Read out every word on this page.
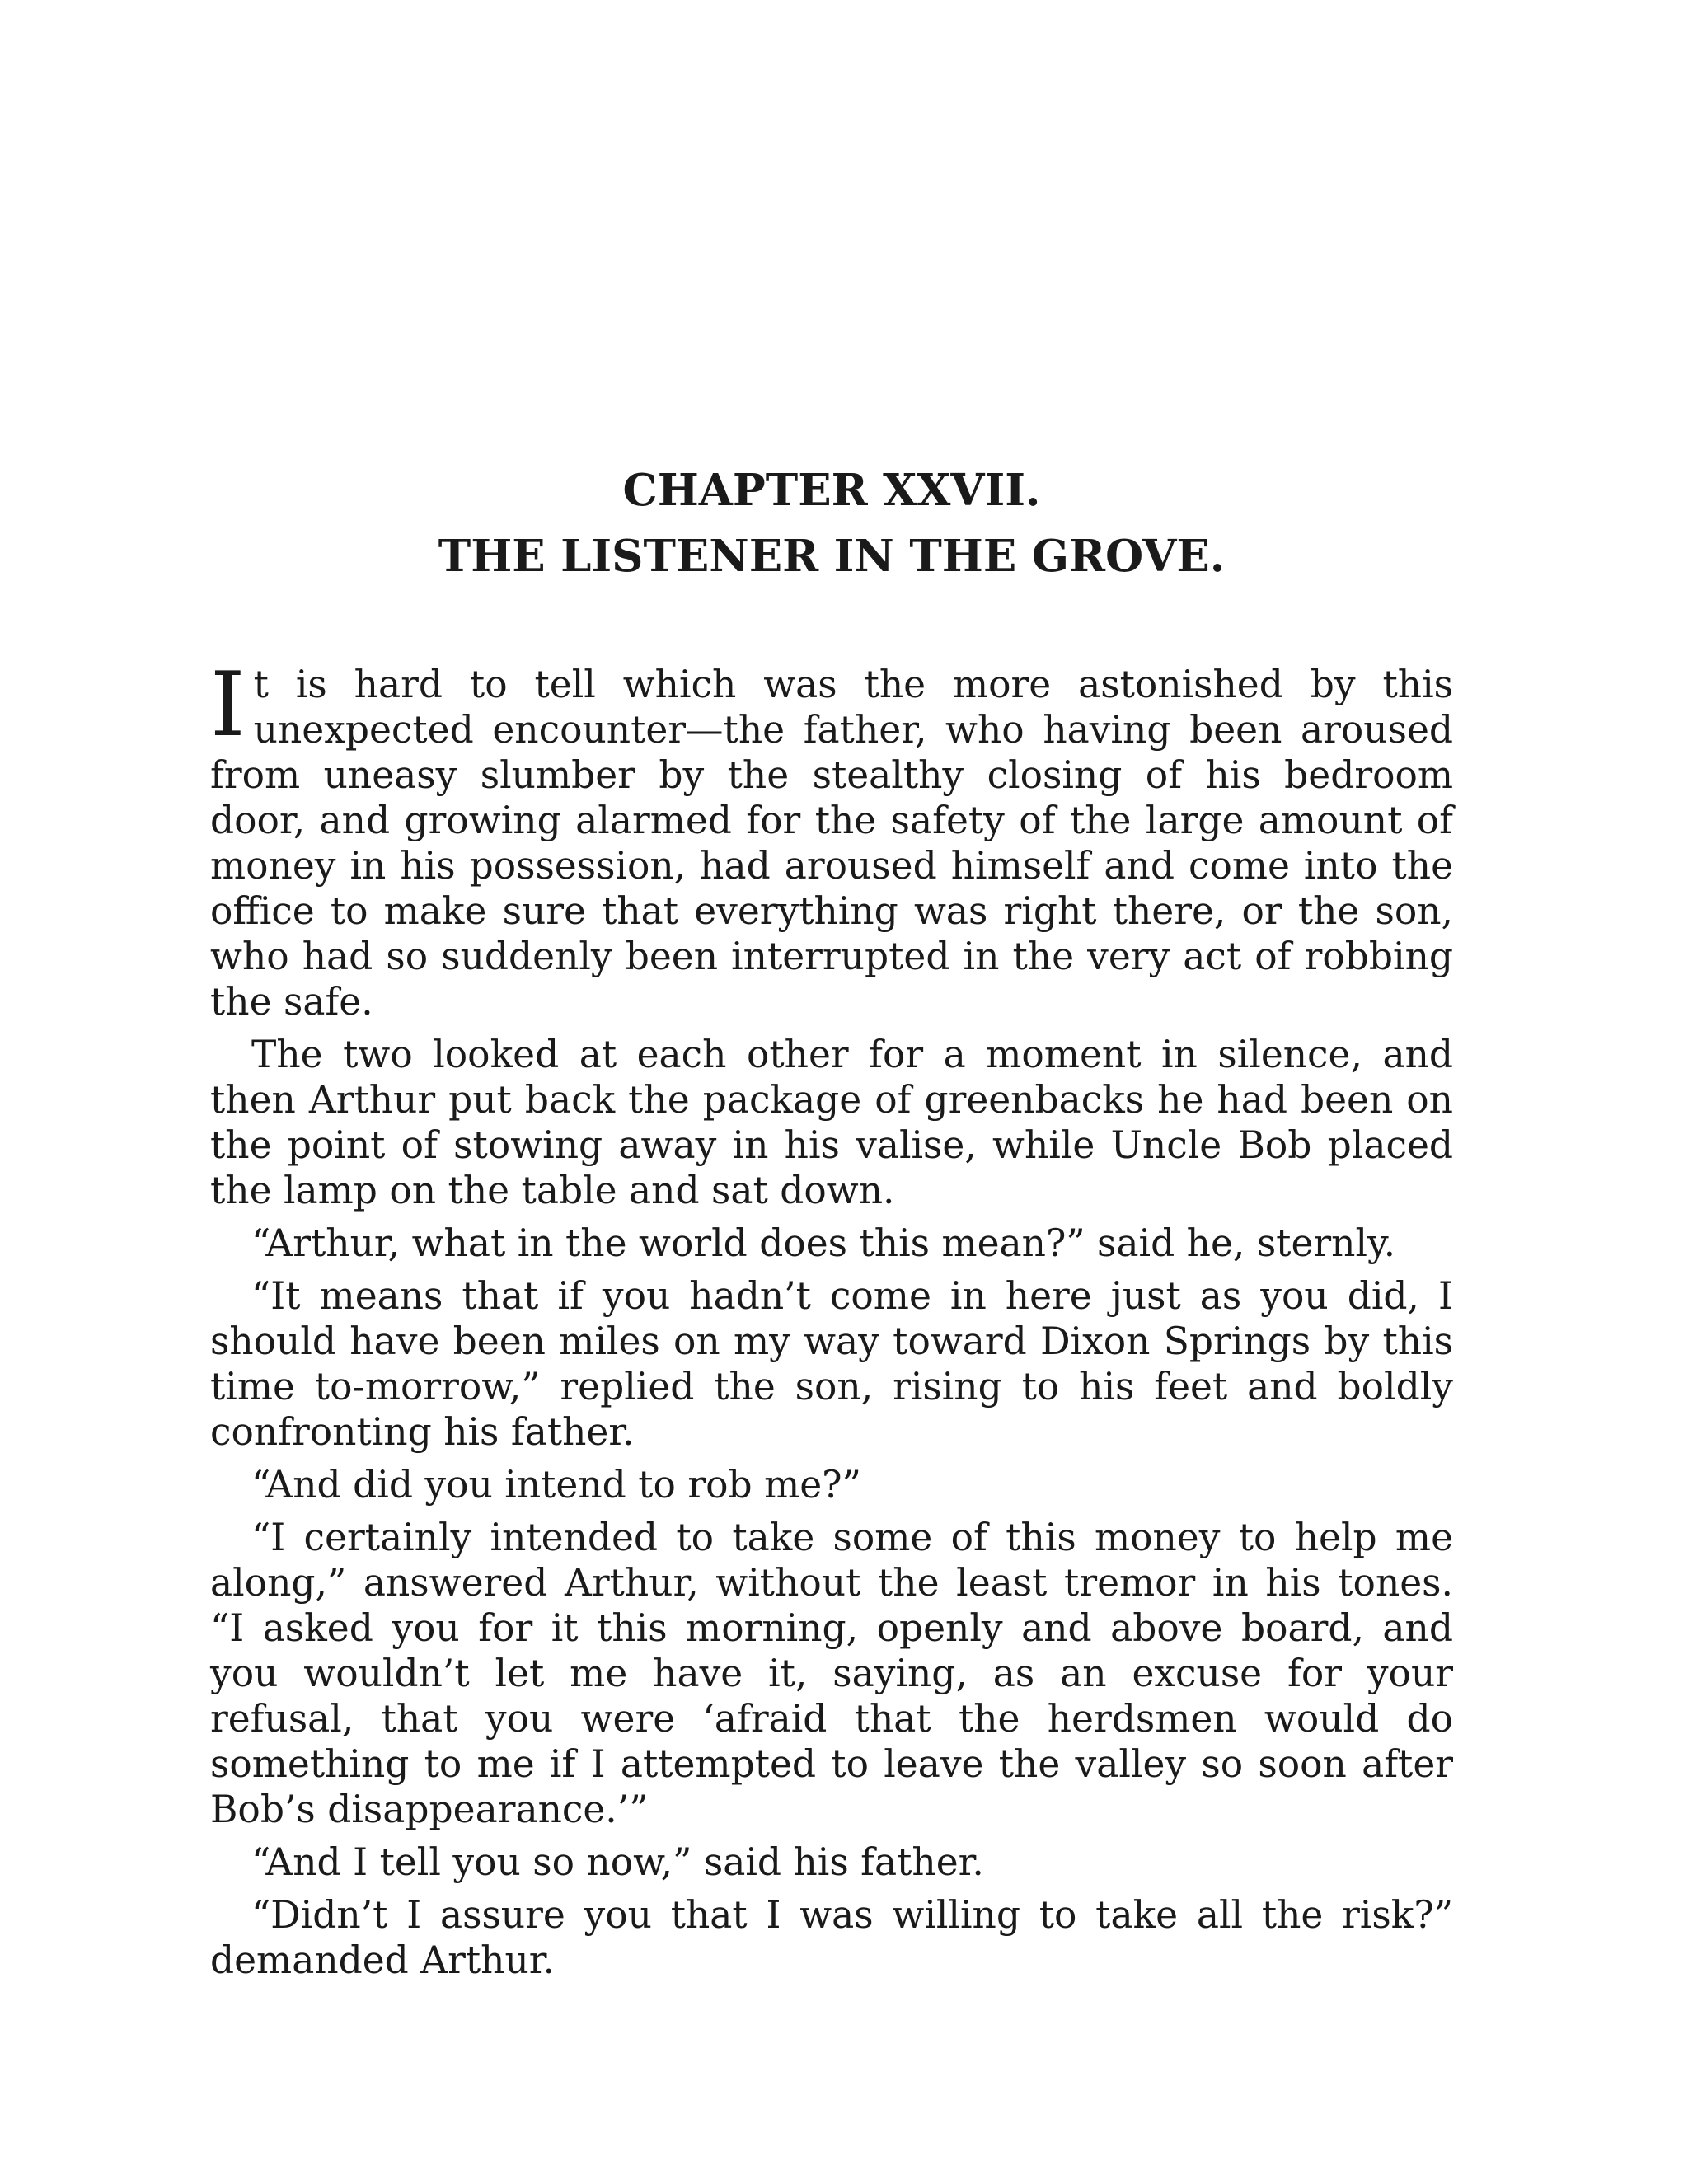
CHAPTER XXVII.
THE LISTENER IN THE GROVE.

It is hard to tell which was the more astonished by this unexpected encounter—the father, who having been aroused from uneasy slumber by the stealthy closing of his bedroom door, and growing alarmed for the safety of the large amount of money in his possession, had aroused himself and come into the office to make sure that everything was right there, or the son, who had so suddenly been interrupted in the very act of robbing the safe.

The two looked at each other for a moment in silence, and then Arthur put back the package of greenbacks he had been on the point of stowing away in his valise, while Uncle Bob placed the lamp on the table and sat down.

“Arthur, what in the world does this mean?” said he, sternly.

“It means that if you hadn’t come in here just as you did, I should have been miles on my way toward Dixon Springs by this time to-morrow,” replied the son, rising to his feet and boldly confronting his father.

“And did you intend to rob me?”

“I certainly intended to take some of this money to help me along,” answered Arthur, without the least tremor in his tones. “I asked you for it this morning, openly and above board, and you wouldn’t let me have it, saying, as an excuse for your refusal, that you were ‘afraid that the herdsmen would do something to me if I attempted to leave the valley so soon after Bob’s disappearance.’”

“And I tell you so now,” said his father.

“Didn’t I assure you that I was willing to take all the risk?” demanded Arthur.
